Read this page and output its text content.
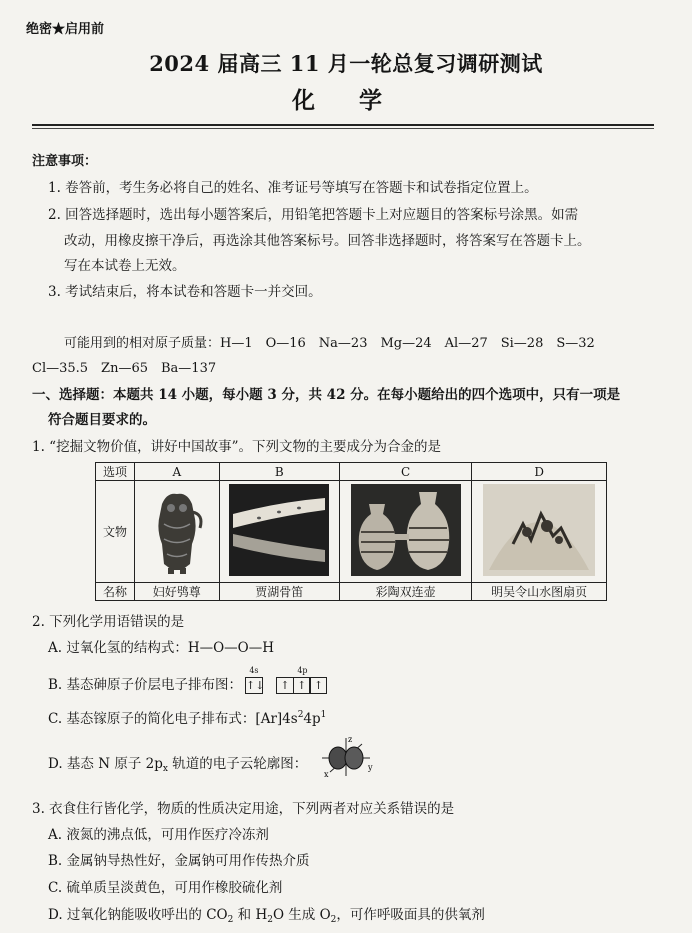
绝密★启用前
2024 届高三 11 月一轮总复习调研测试
化 学
注意事项：
1. 卷答前，考生务必将自己的姓名、准考证号等填写在答题卡和试卷指定位置上。
2. 回答选择题时，选出每小题答案后，用铅笔把答题卡上对应题目的答案标号涂黑。如需
改动，用橡皮擦干净后，再选涂其他答案标号。回答非选择题时，将答案写在答题卡上。
写在本试卷上无效。
3. 考试结束后，将本试卷和答题卡一并交回。
可能用到的相对原子质量：H—1　O—16　Na—23　Mg—24　Al—27　Si—28　S—32
Cl—35.5　Zn—65　Ba—137
一、选择题：本题共 14 小题，每小题 3 分，共 42 分。在每小题给出的四个选项中，只有一项是
符合题目要求的。
1. “挖掘文物价值，讲好中国故事”。下列文物的主要成分为合金的是
选项	A	B	C	D
文物				
名称	妇好鸮尊	贾湖骨笛	彩陶双连壶	明吴令山水图扇页
2. 下列化学用语错误的是
A. 过氧化氢的结构式：H—O—O—H
B. 基态砷原子价层电子排布图：
4s
↑↓
4p
↑ ↑ ↑
C. 基态镓原子的简化电子排布式：$[Ar]4s^24p^1$
D. 基态 N 原子 $2p_x$ 轨道的电子云轮廓图：
z
x
y
3. 衣食住行皆化学，物质的性质决定用途，下列两者对应关系错误的是
A. 液氮的沸点低，可用作医疗冷冻剂
B. 金属钠导热性好，金属钠可用作传热介质
C. 硫单质呈淡黄色，可用作橡胶硫化剂
D. 过氧化钠能吸收呼出的 $CO_2$ 和 $H_2O$ 生成 $O_2$，可作呼吸面具的供氧剂
